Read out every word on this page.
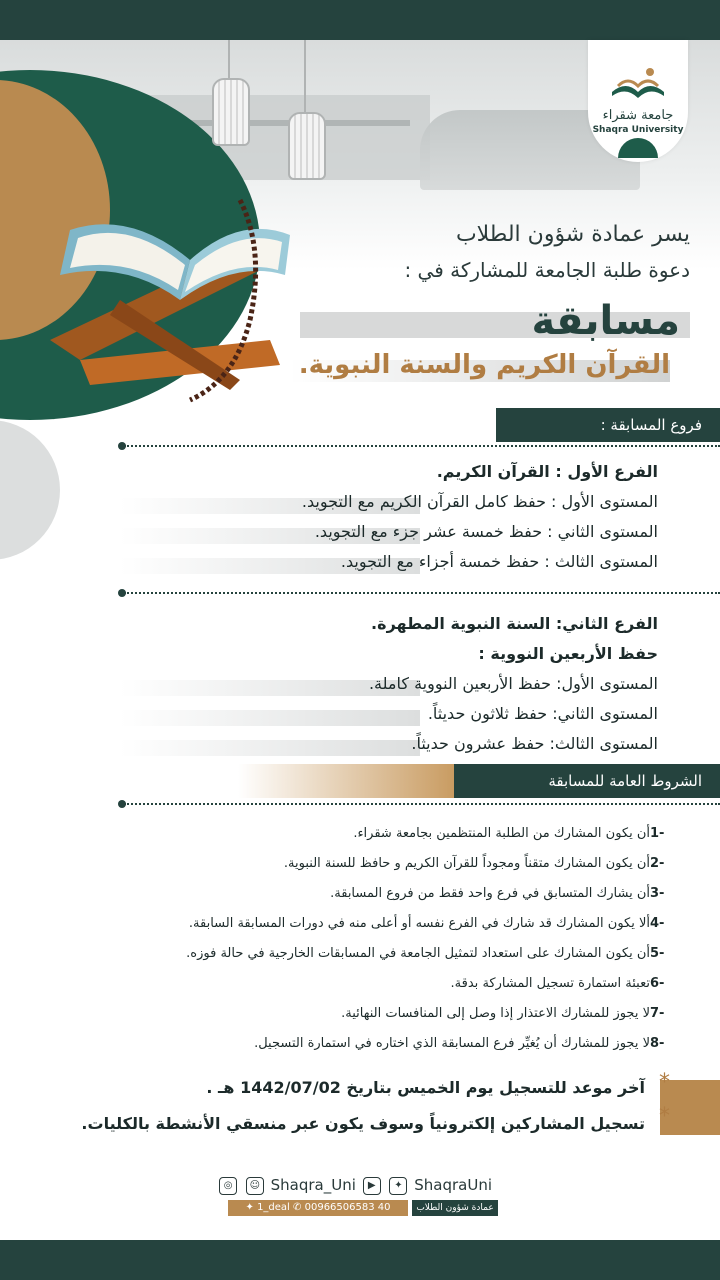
جامعة شقراء
Shaqra University
يسر عمادة شؤون الطلاب
دعوة طلبة الجامعة للمشاركة في :
مسابقة
القرآن الكريم والسنة النبوية.
فروع المسابقة :
الفرع الأول : القرآن الكريم.
المستوى الأول : حفظ كامل القرآن الكريم مع التجويد.
المستوى الثاني : حفظ خمسة عشر جزء مع التجويد.
المستوى الثالث : حفظ خمسة أجزاء مع التجويد.
الفرع الثاني: السنة النبوية المطهرة.
حفظ الأربعين النووية :
المستوى الأول: حفظ الأربعين النووية كاملة.
المستوى الثاني: حفظ ثلاثون حديثاً.
المستوى الثالث: حفظ عشرون حديثاً.
الشروط العامة للمسابقة
-1أن يكون المشارك من الطلبة المنتظمين بجامعة شقراء.
-2أن يكون المشارك متقناً ومجوداً للقرآن الكريم و حافظ للسنة النبوية.
-3أن يشارك المتسابق في فرع واحد فقط من فروع المسابقة.
-4ألا يكون المشارك قد شارك في الفرع نفسه أو أعلى منه في دورات المسابقة السابقة.
-5أن يكون المشارك على استعداد لتمثيل الجامعة في المسابقات الخارجية في حالة فوزه.
-6تعبئة استمارة تسجيل المشاركة بدقة.
-7لا يجوز للمشارك الاعتذار إذا وصل إلى المنافسات النهائية.
-8لا يجوز للمشارك أن يُغيِّر فرع المسابقة الذي اختاره في استمارة التسجيل.
*
آخر موعد للتسجيل يوم الخميس بتاريخ 1442/07/02 هـ .
*
تسجيل المشاركين إلكترونياً وسوف يكون عبر منسقي الأنشطة بالكليات.
◎ ☺ Shaqra_Uni ▶ ✦ ShaqraUni
✦ 1_deal ✆ 00966506583 40	عمادة شؤون الطلاب
